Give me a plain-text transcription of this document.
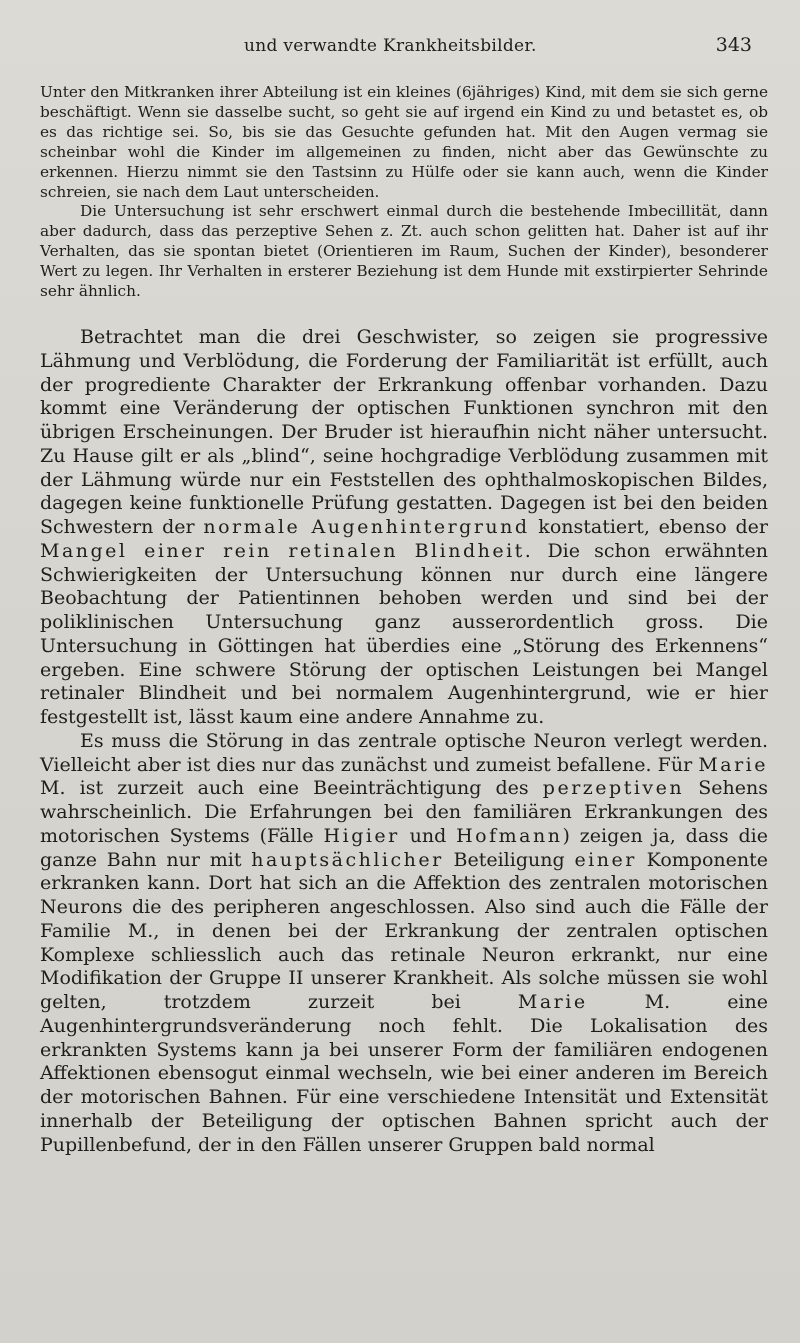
und verwandte Krankheitsbilder.	343

Unter den Mitkranken ihrer Abteilung ist ein kleines (6jähriges) Kind, mit dem sie sich gerne beschäftigt. Wenn sie dasselbe sucht, so geht sie auf irgend ein Kind zu und betastet es, ob es das richtige sei. So, bis sie das Gesuchte gefunden hat. Mit den Augen vermag sie scheinbar wohl die Kinder im allgemeinen zu finden, nicht aber das Gewünschte zu erkennen. Hierzu nimmt sie den Tastsinn zu Hülfe oder sie kann auch, wenn die Kinder schreien, sie nach dem Laut unterscheiden.

Die Untersuchung ist sehr erschwert einmal durch die bestehende Imbecillität, dann aber dadurch, dass das perzeptive Sehen z. Zt. auch schon gelitten hat. Daher ist auf ihr Verhalten, das sie spontan bietet (Orientieren im Raum, Suchen der Kinder), besonderer Wert zu legen. Ihr Verhalten in ersterer Beziehung ist dem Hunde mit exstirpierter Sehrinde sehr ähnlich.

Betrachtet man die drei Geschwister, so zeigen sie progressive Lähmung und Verblödung, die Forderung der Familiarität ist erfüllt, auch der progrediente Charakter der Erkrankung offenbar vorhanden. Dazu kommt eine Veränderung der optischen Funktionen synchron mit den übrigen Erscheinungen. Der Bruder ist hieraufhin nicht näher untersucht. Zu Hause gilt er als „blind“, seine hochgradige Verblödung zusammen mit der Lähmung würde nur ein Feststellen des ophthalmoskopischen Bildes, dagegen keine funktionelle Prüfung gestatten. Dagegen ist bei den beiden Schwestern der normale Augenhintergrund konstatiert, ebenso der Mangel einer rein retinalen Blindheit. Die schon erwähnten Schwierigkeiten der Untersuchung können nur durch eine längere Beobachtung der Patientinnen behoben werden und sind bei der poliklinischen Untersuchung ganz ausserordentlich gross. Die Untersuchung in Göttingen hat überdies eine „Störung des Erkennens“ ergeben. Eine schwere Störung der optischen Leistungen bei Mangel retinaler Blindheit und bei normalem Augenhintergrund, wie er hier festgestellt ist, lässt kaum eine andere Annahme zu.

Es muss die Störung in das zentrale optische Neuron verlegt werden. Vielleicht aber ist dies nur das zunächst und zumeist befallene. Für Marie M. ist zurzeit auch eine Beeinträchtigung des perzeptiven Sehens wahrscheinlich. Die Erfahrungen bei den familiären Erkrankungen des motorischen Systems (Fälle Higier und Hofmann) zeigen ja, dass die ganze Bahn nur mit hauptsächlicher Beteiligung einer Komponente erkranken kann. Dort hat sich an die Affektion des zentralen motorischen Neurons die des peripheren angeschlossen. Also sind auch die Fälle der Familie M., in denen bei der Erkrankung der zentralen optischen Komplexe schliesslich auch das retinale Neuron erkrankt, nur eine Modifikation der Gruppe II unserer Krankheit. Als solche müssen sie wohl gelten, trotzdem zurzeit bei Marie M. eine Augenhintergrundsveränderung noch fehlt. Die Lokalisation des erkrankten Systems kann ja bei unserer Form der familiären endogenen Affektionen ebensogut einmal wechseln, wie bei einer anderen im Bereich der motorischen Bahnen. Für eine verschiedene Intensität und Extensität innerhalb der Beteiligung der optischen Bahnen spricht auch der Pupillenbefund, der in den Fällen unserer Gruppen bald normal
